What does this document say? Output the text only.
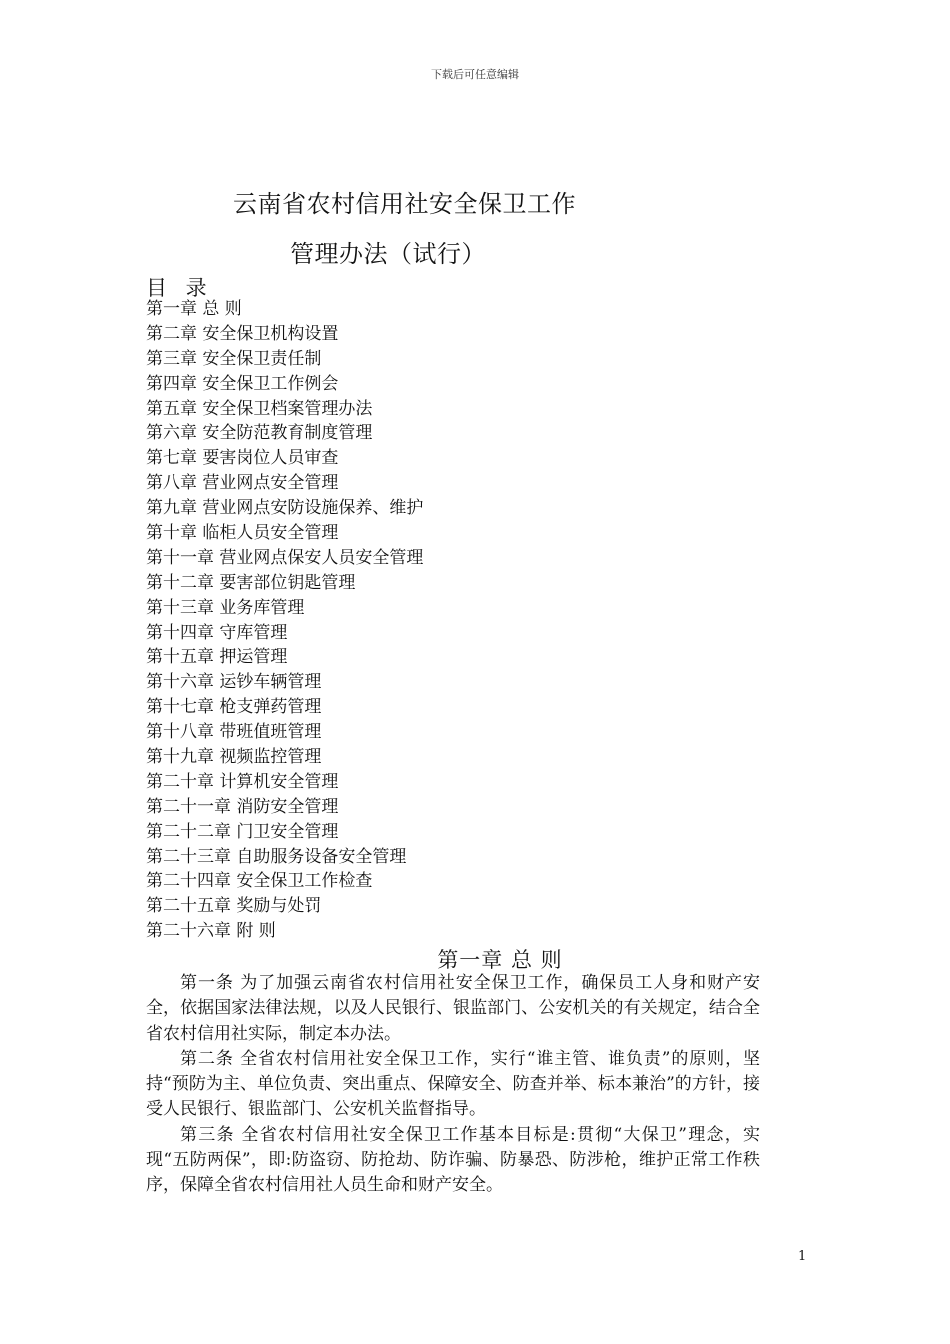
下载后可任意编辑
云南省农村信用社安全保卫工作
管理办法（试行）
目 录
第一章 总 则
第二章 安全保卫机构设置
第三章 安全保卫责任制
第四章 安全保卫工作例会
第五章 安全保卫档案管理办法
第六章 安全防范教育制度管理
第七章 要害岗位人员审查
第八章 营业网点安全管理
第九章 营业网点安防设施保养、维护
第十章 临柜人员安全管理
第十一章 营业网点保安人员安全管理
第十二章 要害部位钥匙管理
第十三章 业务库管理
第十四章 守库管理
第十五章 押运管理
第十六章 运钞车辆管理
第十七章 枪支弹药管理
第十八章 带班值班管理
第十九章 视频监控管理
第二十章 计算机安全管理
第二十一章 消防安全管理
第二十二章 门卫安全管理
第二十三章 自助服务设备安全管理
第二十四章 安全保卫工作检查
第二十五章 奖励与处罚
第二十六章 附 则
第一章 总 则

第一条 为了加强云南省农村信用社安全保卫工作，确保员工人身和财产安全，依据国家法律法规，以及人民银行、银监部门、公安机关的有关规定，结合全省农村信用社实际，制定本办法。

第二条 全省农村信用社安全保卫工作，实行“谁主管、谁负责”的原则，坚持“预防为主、单位负责、突出重点、保障安全、防查并举、标本兼治”的方针，接受人民银行、银监部门、公安机关监督指导。

第三条 全省农村信用社安全保卫工作基本目标是:贯彻“大保卫”理念，实现“五防两保”，即:防盗窃、防抢劫、防诈骗、防暴恐、防涉枪，维护正常工作秩序，保障全省农村信用社人员生命和财产安全。

1
